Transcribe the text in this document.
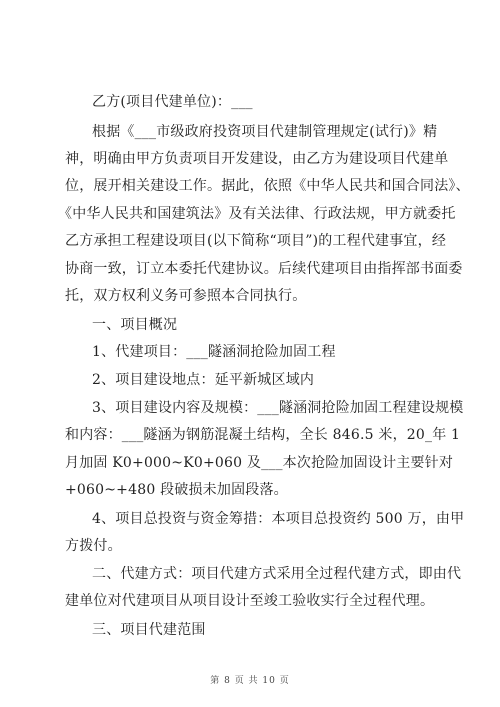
乙方(项目代建单位)：___
根据《___市级政府投资项目代建制管理规定(试行)》精
神，明确由甲方负责项目开发建设，由乙方为建设项目代建单
位，展开相关建设工作。据此，依照《中华人民共和国合同法》、
《中华人民共和国建筑法》及有关法律、行政法规，甲方就委托
乙方承担工程建设项目(以下简称“项目”)的工程代建事宜，经
协商一致，订立本委托代建协议。后续代建项目由指挥部书面委
托，双方权利义务可参照本合同执行。
一、项目概况
1、代建项目：___隧涵洞抢险加固工程
2、项目建设地点：延平新城区域内
3、项目建设内容及规模：___隧涵洞抢险加固工程建设规模
和内容：___隧涵为钢筋混凝土结构，全长 846.5 米，20_年 1
月加固 K0+000~K0+060 及___本次抢险加固设计主要针对
+060~+480 段破损未加固段落。
4、项目总投资与资金筹措：本项目总投资约 500 万，由甲
方拨付。
二、代建方式：项目代建方式采用全过程代建方式，即由代
建单位对代建项目从项目设计至竣工验收实行全过程代理。
三、项目代建范围
第 8 页 共 10 页
